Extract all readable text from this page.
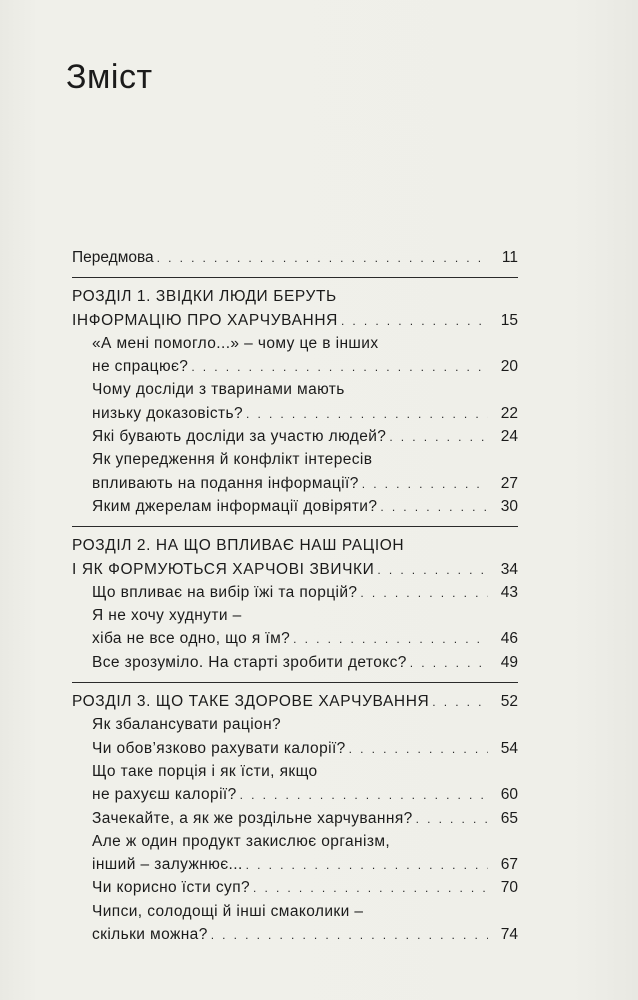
Зміст
Передмова . . .	11
РОЗДІЛ 1. ЗВІДКИ ЛЮДИ БЕРУТЬ
ІНФОРМАЦІЮ ПРО ХАРЧУВАННЯ . . .	15
«А мені помогло...» – чому це в інших
не спрацює? . . .	20
Чому досліди з тваринами мають
низьку доказовість? . . .	22
Які бувають досліди за участю людей? . . .	24
Як упередження й конфлікт інтересів
впливають на подання інформації? . . .	27
Яким джерелам інформації довіряти? . . .	30
РОЗДІЛ 2. НА ЩО ВПЛИВАЄ НАШ РАЦІОН
І ЯК ФОРМУЮТЬСЯ ХАРЧОВІ ЗВИЧКИ . . .	34
Що впливає на вибір їжі та порцій? . . .	43
Я не хочу худнути –
хіба не все одно, що я їм? . . .	46
Все зрозуміло. На старті зробити детокс? . . .	49
РОЗДІЛ 3. ЩО ТАКЕ ЗДОРОВЕ ХАРЧУВАННЯ . . .	52
Як збалансувати раціон?
Чи обов’язково рахувати калорії? . . .	54
Що таке порція і як їсти, якщо
не рахуєш калорії? . . .	60
Зачекайте, а як же роздільне харчування? . . .	65
Але ж один продукт закислює організм,
інший – залужнює... . . .	67
Чи корисно їсти суп? . . .	70
Чипси, солодощі й інші смаколики –
скільки можна? . . .	74
